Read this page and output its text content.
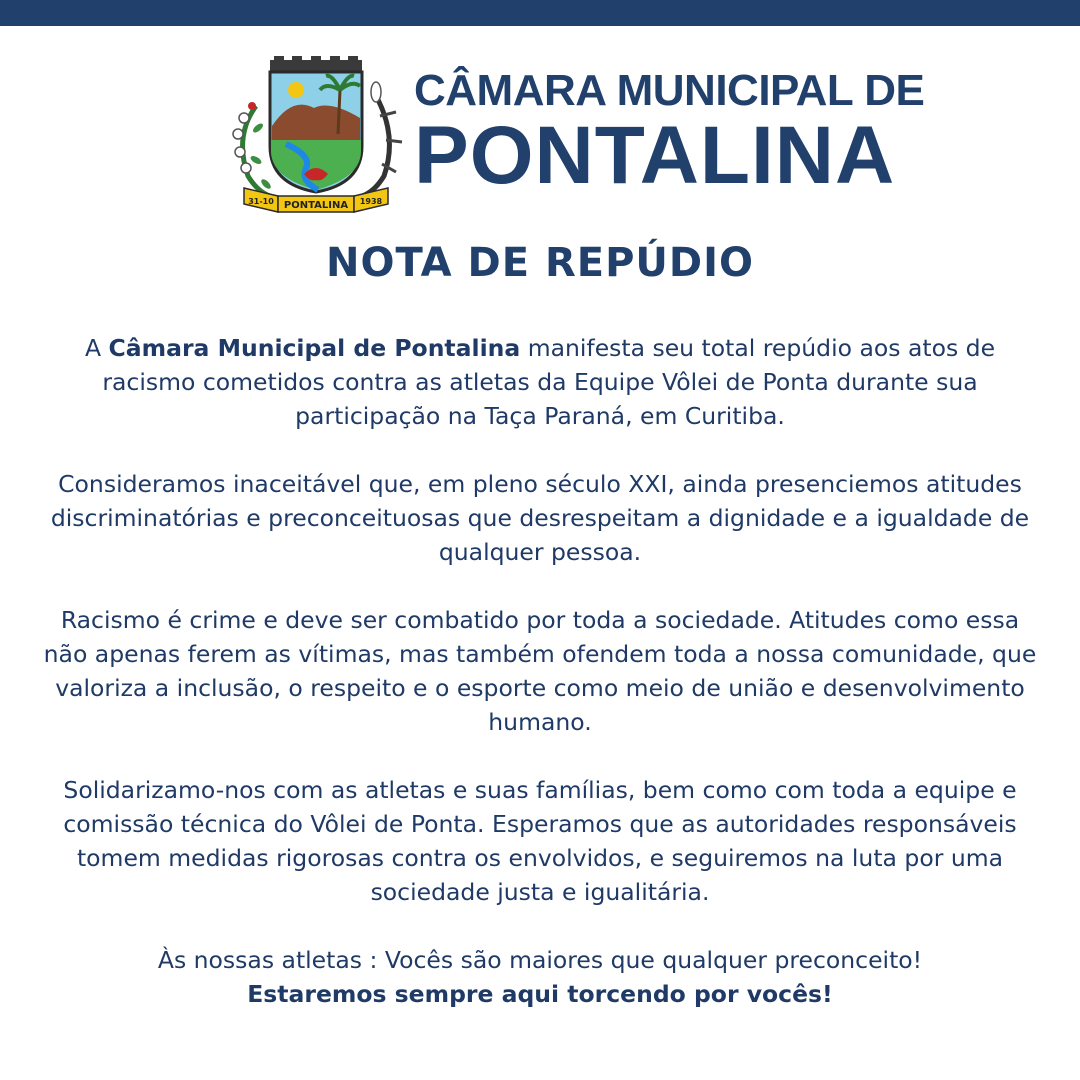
31-10 PONTALINA 1938
CÂMARA MUNICIPAL DE
PONTALINA
NOTA DE REPÚDIO

A Câmara Municipal de Pontalina manifesta seu total repúdio aos atos de racismo cometidos contra as atletas da Equipe Vôlei de Ponta durante sua participação na Taça Paraná, em Curitiba.

Consideramos inaceitável que, em pleno século XXI, ainda presenciemos atitudes discriminatórias e preconceituosas que desrespeitam a dignidade e a igualdade de qualquer pessoa.

Racismo é crime e deve ser combatido por toda a sociedade. Atitudes como essa não apenas ferem as vítimas, mas também ofendem toda a nossa comunidade, que valoriza a inclusão, o respeito e o esporte como meio de união e desenvolvimento humano.

Solidarizamo-nos com as atletas e suas famílias, bem como com toda a equipe e comissão técnica do Vôlei de Ponta. Esperamos que as autoridades responsáveis tomem medidas rigorosas contra os envolvidos, e seguiremos na luta por uma sociedade justa e igualitária.

Às nossas atletas : Vocês são maiores que qualquer preconceito!
Estaremos sempre aqui torcendo por vocês!
